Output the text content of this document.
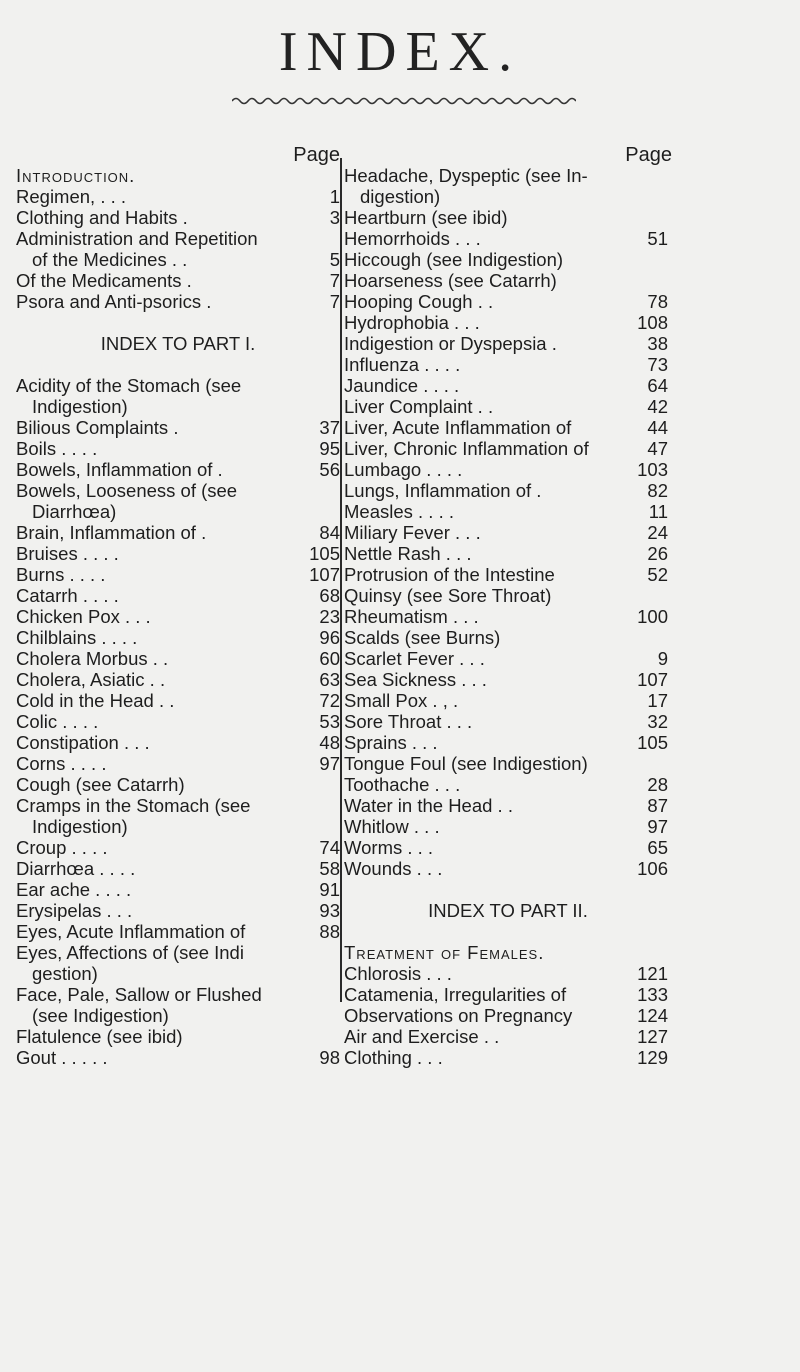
INDEX.
Page
Introduction.
Regimen, . . .	1
Clothing and Habits .	3
Administration and Repetition
of the Medicines . .	5
Of the Medicaments .	7
Psora and Anti-psorics .	7
INDEX TO PART I.
Acidity of the Stomach (see
Indigestion)
Bilious Complaints .	37
Boils . . . .	95
Bowels, Inflammation of .	56
Bowels, Looseness of (see
Diarrhœa)
Brain, Inflammation of .	84
Bruises . . . .	105
Burns . . . .	107
Catarrh . . . .	68
Chicken Pox . . .	23
Chilblains . . . .	96
Cholera Morbus . .	60
Cholera, Asiatic . .	63
Cold in the Head . .	72
Colic . . . .	53
Constipation . . .	48
Corns . . . .	97
Cough (see Catarrh)
Cramps in the Stomach (see
Indigestion)
Croup . . . .	74
Diarrhœa . . . .	58
Ear ache . . . .	91
Erysipelas . . .	93
Eyes, Acute Inflammation of	88
Eyes, Affections of (see Indi
gestion)
Face, Pale, Sallow or Flushed
(see Indigestion)
Flatulence (see ibid)
Gout . . . . .	98
Page
Headache, Dyspeptic (see In-
digestion)
Heartburn (see ibid)
Hemorrhoids . . .	51
Hiccough (see Indigestion)
Hoarseness (see Catarrh)
Hooping Cough . .	78
Hydrophobia . . .	108
Indigestion or Dyspepsia .	38
Influenza . . . .	73
Jaundice . . . .	64
Liver Complaint . .	42
Liver, Acute Inflammation of	44
Liver, Chronic Inflammation of	47
Lumbago . . . .	103
Lungs, Inflammation of .	82
Measles . . . .	11
Miliary Fever . . .	24
Nettle Rash . . .	26
Protrusion of the Intestine	52
Quinsy (see Sore Throat)
Rheumatism . . .	100
Scalds (see Burns)
Scarlet Fever . . .	9
Sea Sickness . . .	107
Small Pox . , .	17
Sore Throat . . .	32
Sprains . . .	105
Tongue Foul (see Indigestion)
Toothache . . .	28
Water in the Head . .	87
Whitlow . . .	97
Worms . . .	65
Wounds . . .	106
INDEX TO PART II.
Treatment of Females.
Chlorosis . . .	121
Catamenia, Irregularities of	133
Observations on Pregnancy	124
Air and Exercise . .	127
Clothing . . .	129
